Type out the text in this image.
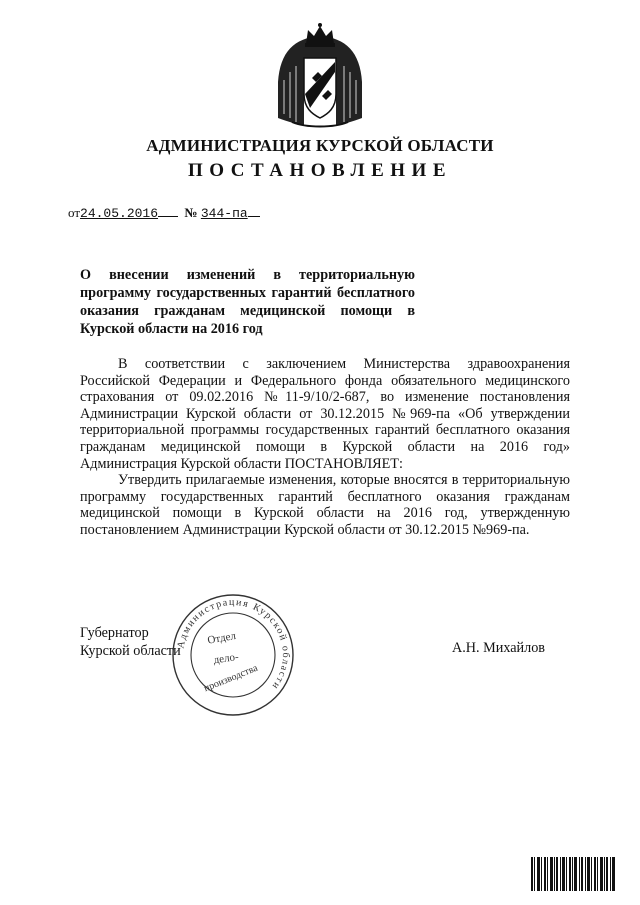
АДМИНИСТРАЦИЯ КУРСКОЙ ОБЛАСТИ
ПОСТАНОВЛЕНИЕ
от24.05.2016 № 344-па
О внесении изменений в территориальную программу государственных гарантий бесплатного оказания гражданам медицинской помощи в Курской области на 2016 год

В соответствии с заключением Министерства здравоохранения Российской Федерации и Федерального фонда обязательного медицинского страхования от 09.02.2016 №11-9/10/2-687, во изменение постановления Администрации Курской области от 30.12.2015 №969-па «Об утверждении территориальной программы государственных гарантий бесплатного оказания гражданам медицинской помощи в Курской области на 2016 год» Администрация Курской области ПОСТАНОВЛЯЕТ:

Утвердить прилагаемые изменения, которые вносятся в территориальную программу государственных гарантий бесплатного оказания гражданам медицинской помощи в Курской области на 2016 год, утвержденную постановлением Администрации Курской области от 30.12.2015 №969-па.

Губернатор
Курской области
Администрация Курской области
Отдел
дело-
производства
А.Н. Михайлов
